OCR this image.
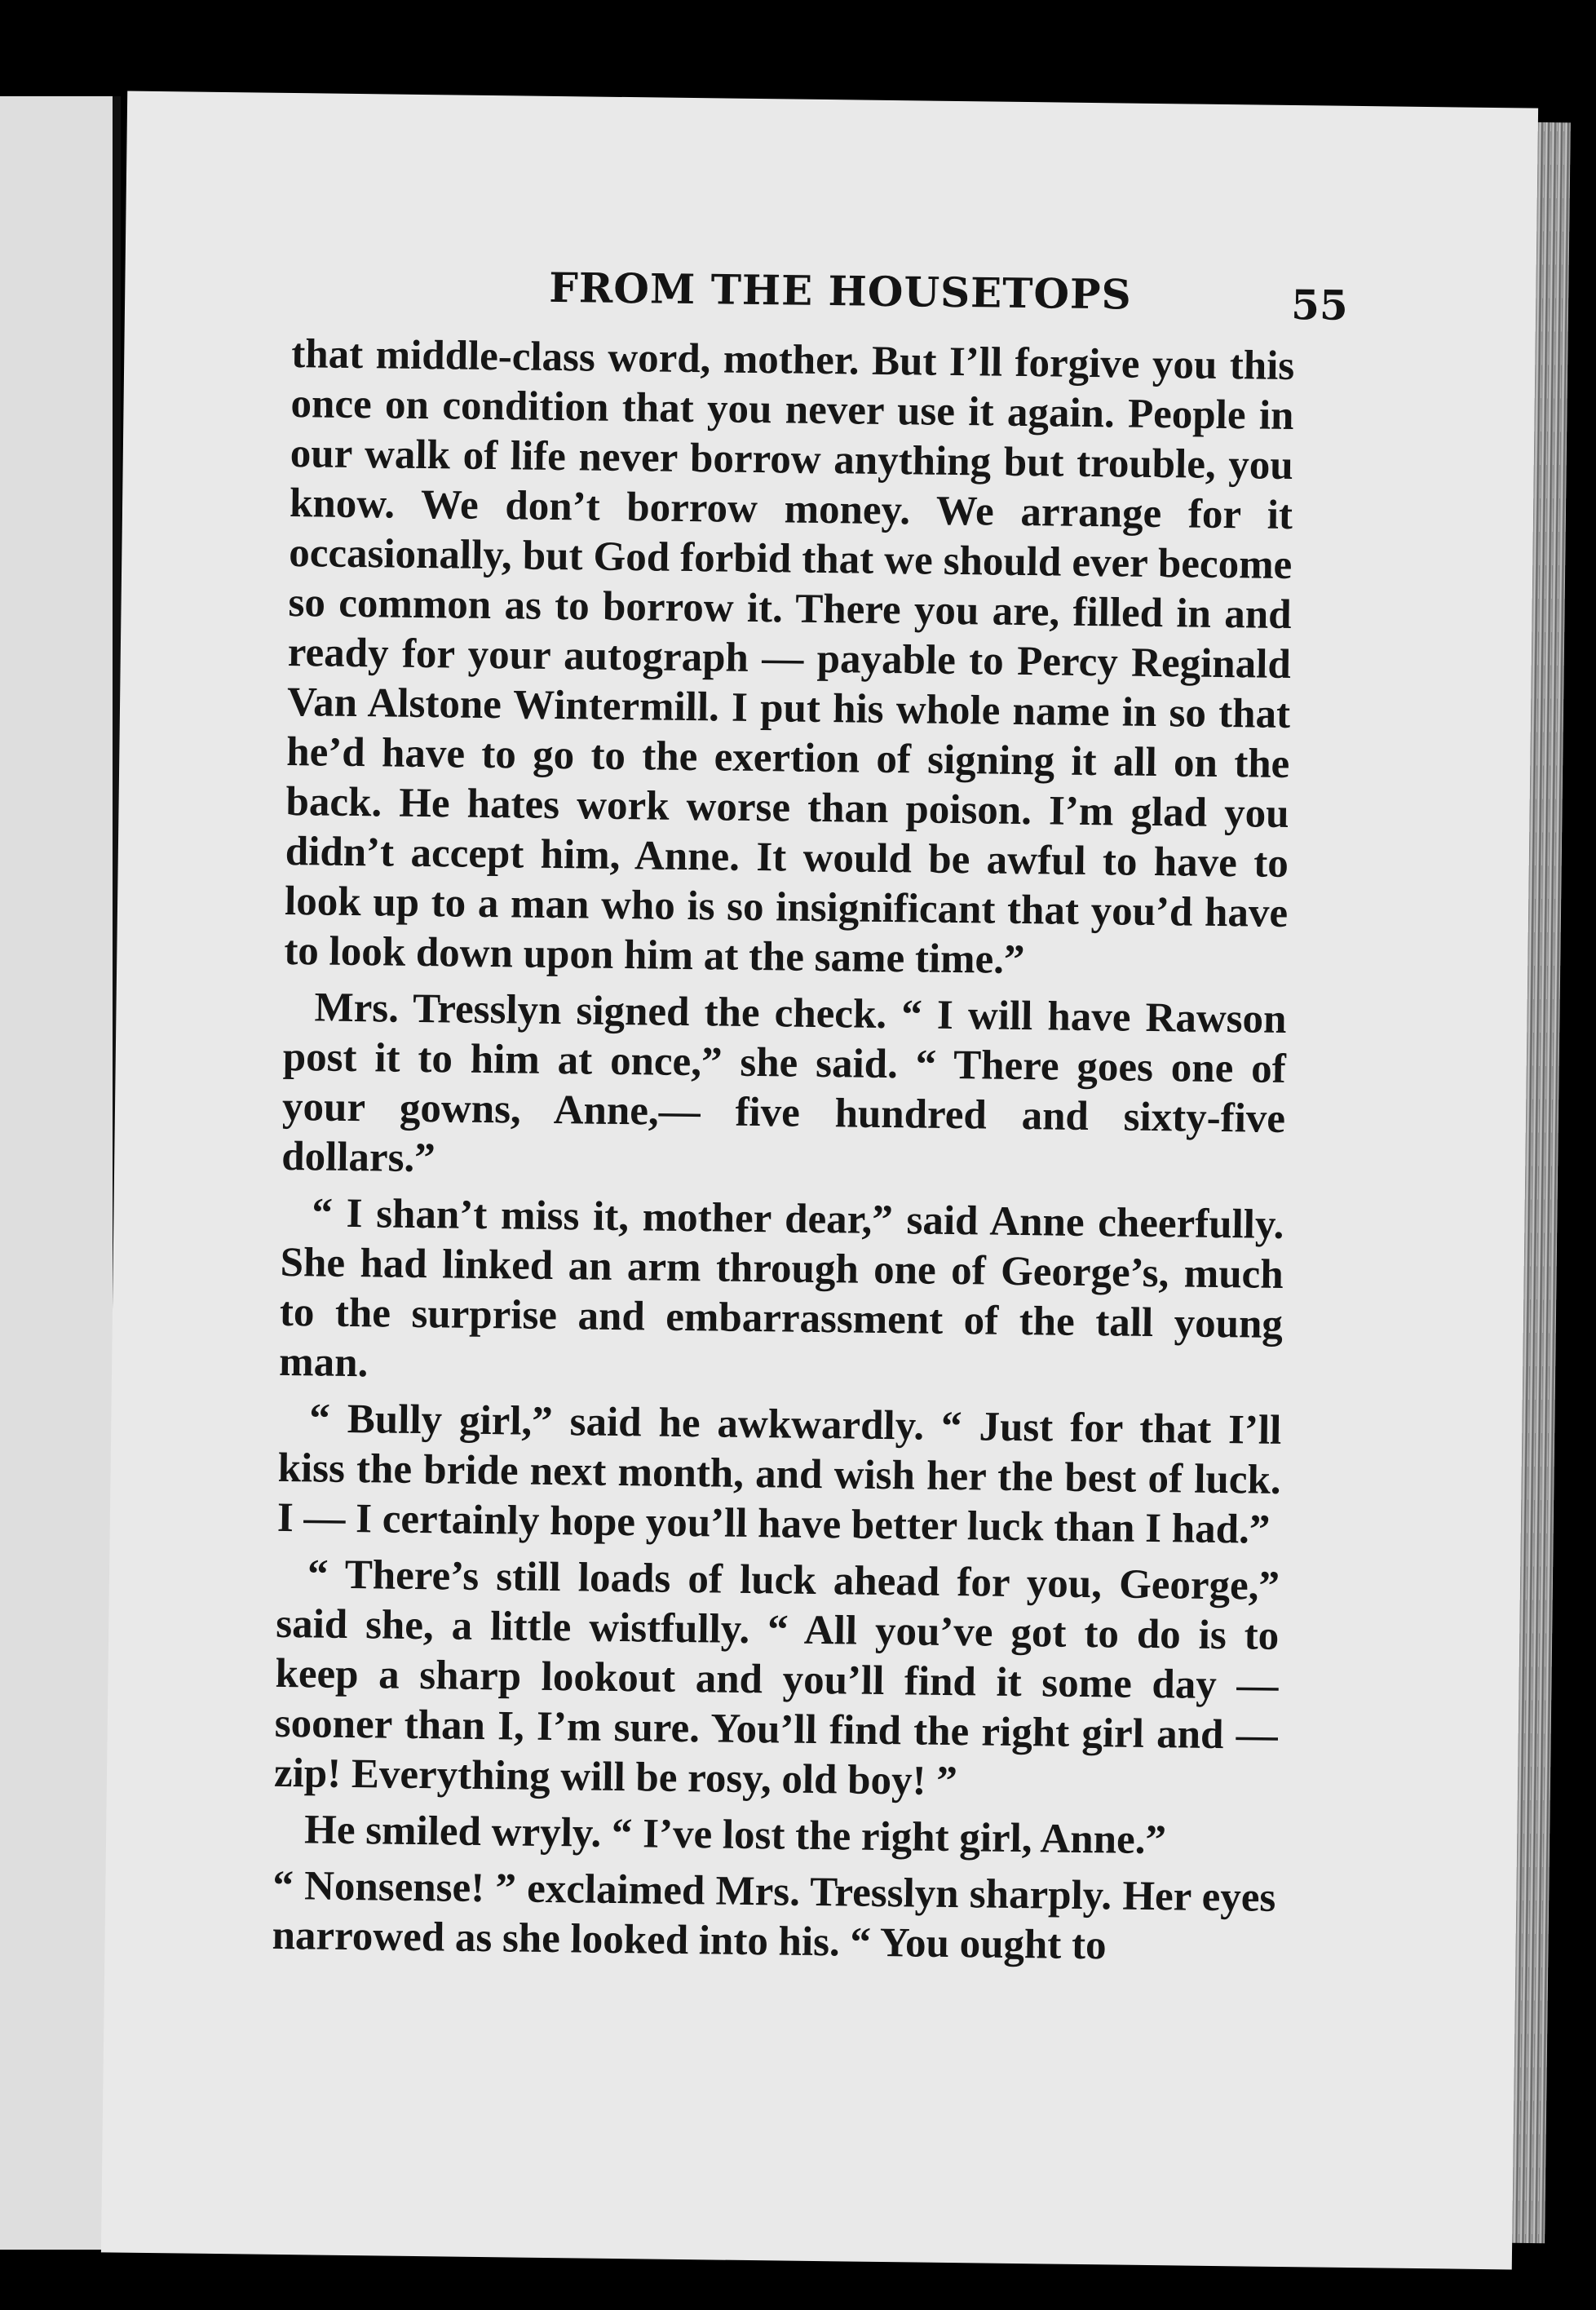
FROM THE HOUSETOPS	55

that middle-class word, mother. But I’ll forgive you this once on condition that you never use it again. People in our walk of life never borrow anything but trouble, you know. We don’t borrow money. We arrange for it occasionally, but God forbid that we should ever become so common as to borrow it. There you are, filled in and ready for your autograph — payable to Percy Reginald Van Alstone Wintermill. I put his whole name in so that he’d have to go to the exertion of signing it all on the back. He hates work worse than poison. I’m glad you didn’t accept him, Anne. It would be awful to have to look up to a man who is so insignificant that you’d have to look down upon him at the same time.”

Mrs. Tresslyn signed the check. “ I will have Rawson post it to him at once,” she said. “ There goes one of your gowns, Anne,— five hundred and sixty-five dollars.”

“ I shan’t miss it, mother dear,” said Anne cheerfully. She had linked an arm through one of George’s, much to the surprise and embarrassment of the tall young man.

“ Bully girl,” said he awkwardly. “ Just for that I’ll kiss the bride next month, and wish her the best of luck. I — I certainly hope you’ll have better luck than I had.”

“ There’s still loads of luck ahead for you, George,” said she, a little wistfully. “ All you’ve got to do is to keep a sharp lookout and you’ll find it some day — sooner than I, I’m sure. You’ll find the right girl and — zip! Everything will be rosy, old boy! ”

He smiled wryly. “ I’ve lost the right girl, Anne.”

“ Nonsense! ” exclaimed Mrs. Tresslyn sharply. Her eyes narrowed as she looked into his. “ You ought to
